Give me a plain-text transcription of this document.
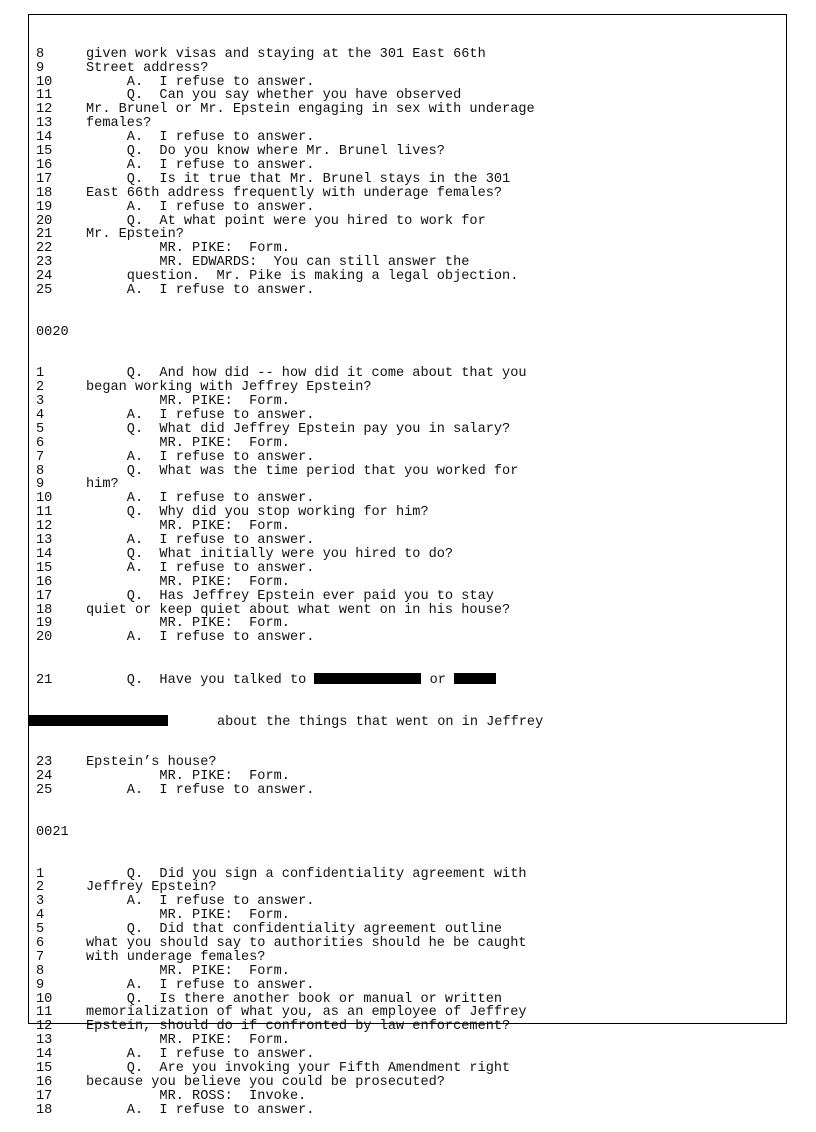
8	given work visas and staying at the 301 East 66th
9	Street address?
10     A.  I refuse to answer.
11     Q.  Can you say whether you have observed
12 Mr. Brunel or Mr. Epstein engaging in sex with underage
13 females?
14     A.  I refuse to answer.
15     Q.  Do you know where Mr. Brunel lives?
16     A.  I refuse to answer.
17     Q.  Is it true that Mr. Brunel stays in the 301
18 East 66th address frequently with underage females?
19     A.  I refuse to answer.
20     Q.  At what point were you hired to work for
21 Mr. Epstein?
22         MR. PIKE:  Form.
23         MR. EDWARDS:  You can still answer the
24     question.  Mr. Pike is making a legal objection.
25     A.  I refuse to answer.

0020

1	Q.  And how did -- how did it come about that you
2	began working with Jeffrey Epstein?
3	MR. PIKE:  Form.
4	A.  I refuse to answer.
5	Q.  What did Jeffrey Epstein pay you in salary?
6	MR. PIKE:  Form.
7	A.  I refuse to answer.
8	Q.  What was the time period that you worked for
9	him?
10     A.  I refuse to answer.
11     Q.  Why did you stop working for him?
12         MR. PIKE:  Form.
13     A.  I refuse to answer.
14     Q.  What initially were you hired to do?
15     A.  I refuse to answer.
16         MR. PIKE:  Form.
17     Q.  Has Jeffrey Epstein ever paid you to stay
18 quiet or keep quiet about what went on in his house?
19         MR. PIKE:  Form.
20     A.  I refuse to answer.

21     Q.  Have you talked to	or

about the things that went on in Jeffrey

23 Epstein’s house?
24         MR. PIKE:  Form.
25     A.  I refuse to answer.

0021

1	Q.  Did you sign a confidentiality agreement with
2	Jeffrey Epstein?
3	A.  I refuse to answer.
4	MR. PIKE:  Form.
5	Q.  Did that confidentiality agreement outline
6	what you should say to authorities should he be caught
7	with underage females?
8	MR. PIKE:  Form.
9	A.  I refuse to answer.
10     Q.  Is there another book or manual or written
11 memorialization of what you, as an employee of Jeffrey
12 Epstein, should do if confronted by law enforcement?
13         MR. PIKE:  Form.
14     A.  I refuse to answer.
15     Q.  Are you invoking your Fifth Amendment right
16 because you believe you could be prosecuted?
17         MR. ROSS:  Invoke.
18     A.  I refuse to answer.
